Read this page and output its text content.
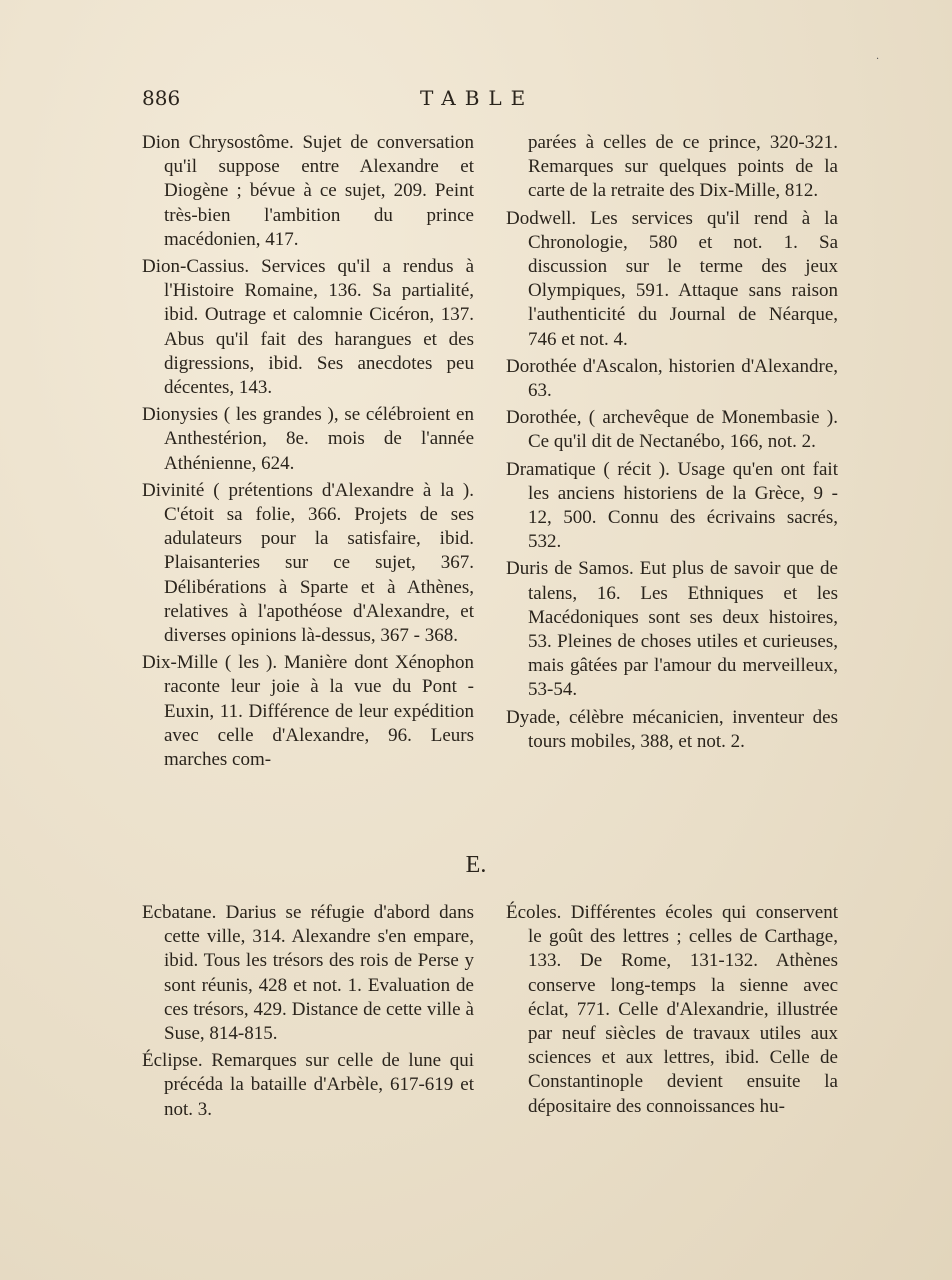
·
886	TABLE

Dion Chrysostôme. Sujet de conversation qu'il suppose entre Alexandre et Diogène ; bévue à ce sujet, 209. Peint très-bien l'ambition du prince macédonien, 417.

Dion-Cassius. Services qu'il a rendus à l'Histoire Romaine, 136. Sa partialité, ibid. Outrage et calomnie Cicéron, 137. Abus qu'il fait des harangues et des digressions, ibid. Ses anecdotes peu décentes, 143.

Dionysies ( les grandes ), se célébroient en Anthestérion, 8e. mois de l'année Athénienne, 624.

Divinité ( prétentions d'Alexandre à la ). C'étoit sa folie, 366. Projets de ses adulateurs pour la satisfaire, ibid. Plaisanteries sur ce sujet, 367. Délibérations à Sparte et à Athènes, relatives à l'apothéose d'Alexandre, et diverses opinions là-dessus, 367 - 368.

Dix-Mille ( les ). Manière dont Xénophon raconte leur joie à la vue du Pont - Euxin, 11. Différence de leur expédition avec celle d'Alexandre, 96. Leurs marches com-

parées à celles de ce prince, 320-321. Remarques sur quelques points de la carte de la retraite des Dix-Mille, 812.

Dodwell. Les services qu'il rend à la Chronologie, 580 et not. 1. Sa discussion sur le terme des jeux Olympiques, 591. Attaque sans raison l'authenticité du Journal de Néarque, 746 et not. 4.

Dorothée d'Ascalon, historien d'Alexandre, 63.

Dorothée, ( archevêque de Monembasie ). Ce qu'il dit de Nectanébo, 166, not. 2.

Dramatique ( récit ). Usage qu'en ont fait les anciens historiens de la Grèce, 9 - 12, 500. Connu des écrivains sacrés, 532.

Duris de Samos. Eut plus de savoir que de talens, 16. Les Ethniques et les Macédoniques sont ses deux histoires, 53. Pleines de choses utiles et curieuses, mais gâtées par l'amour du merveilleux, 53-54.

Dyade, célèbre mécanicien, inventeur des tours mobiles, 388, et not. 2.

E.

Ecbatane. Darius se réfugie d'abord dans cette ville, 314. Alexandre s'en empare, ibid. Tous les trésors des rois de Perse y sont réunis, 428 et not. 1. Evaluation de ces trésors, 429. Distance de cette ville à Suse, 814-815.

Éclipse. Remarques sur celle de lune qui précéda la bataille d'Arbèle, 617-619 et not. 3.

Écoles. Différentes écoles qui conservent le goût des lettres ; celles de Carthage, 133. De Rome, 131-132. Athènes conserve long-temps la sienne avec éclat, 771. Celle d'Alexandrie, illustrée par neuf siècles de travaux utiles aux sciences et aux lettres, ibid. Celle de Constantinople devient ensuite la dépositaire des connoissances hu-
